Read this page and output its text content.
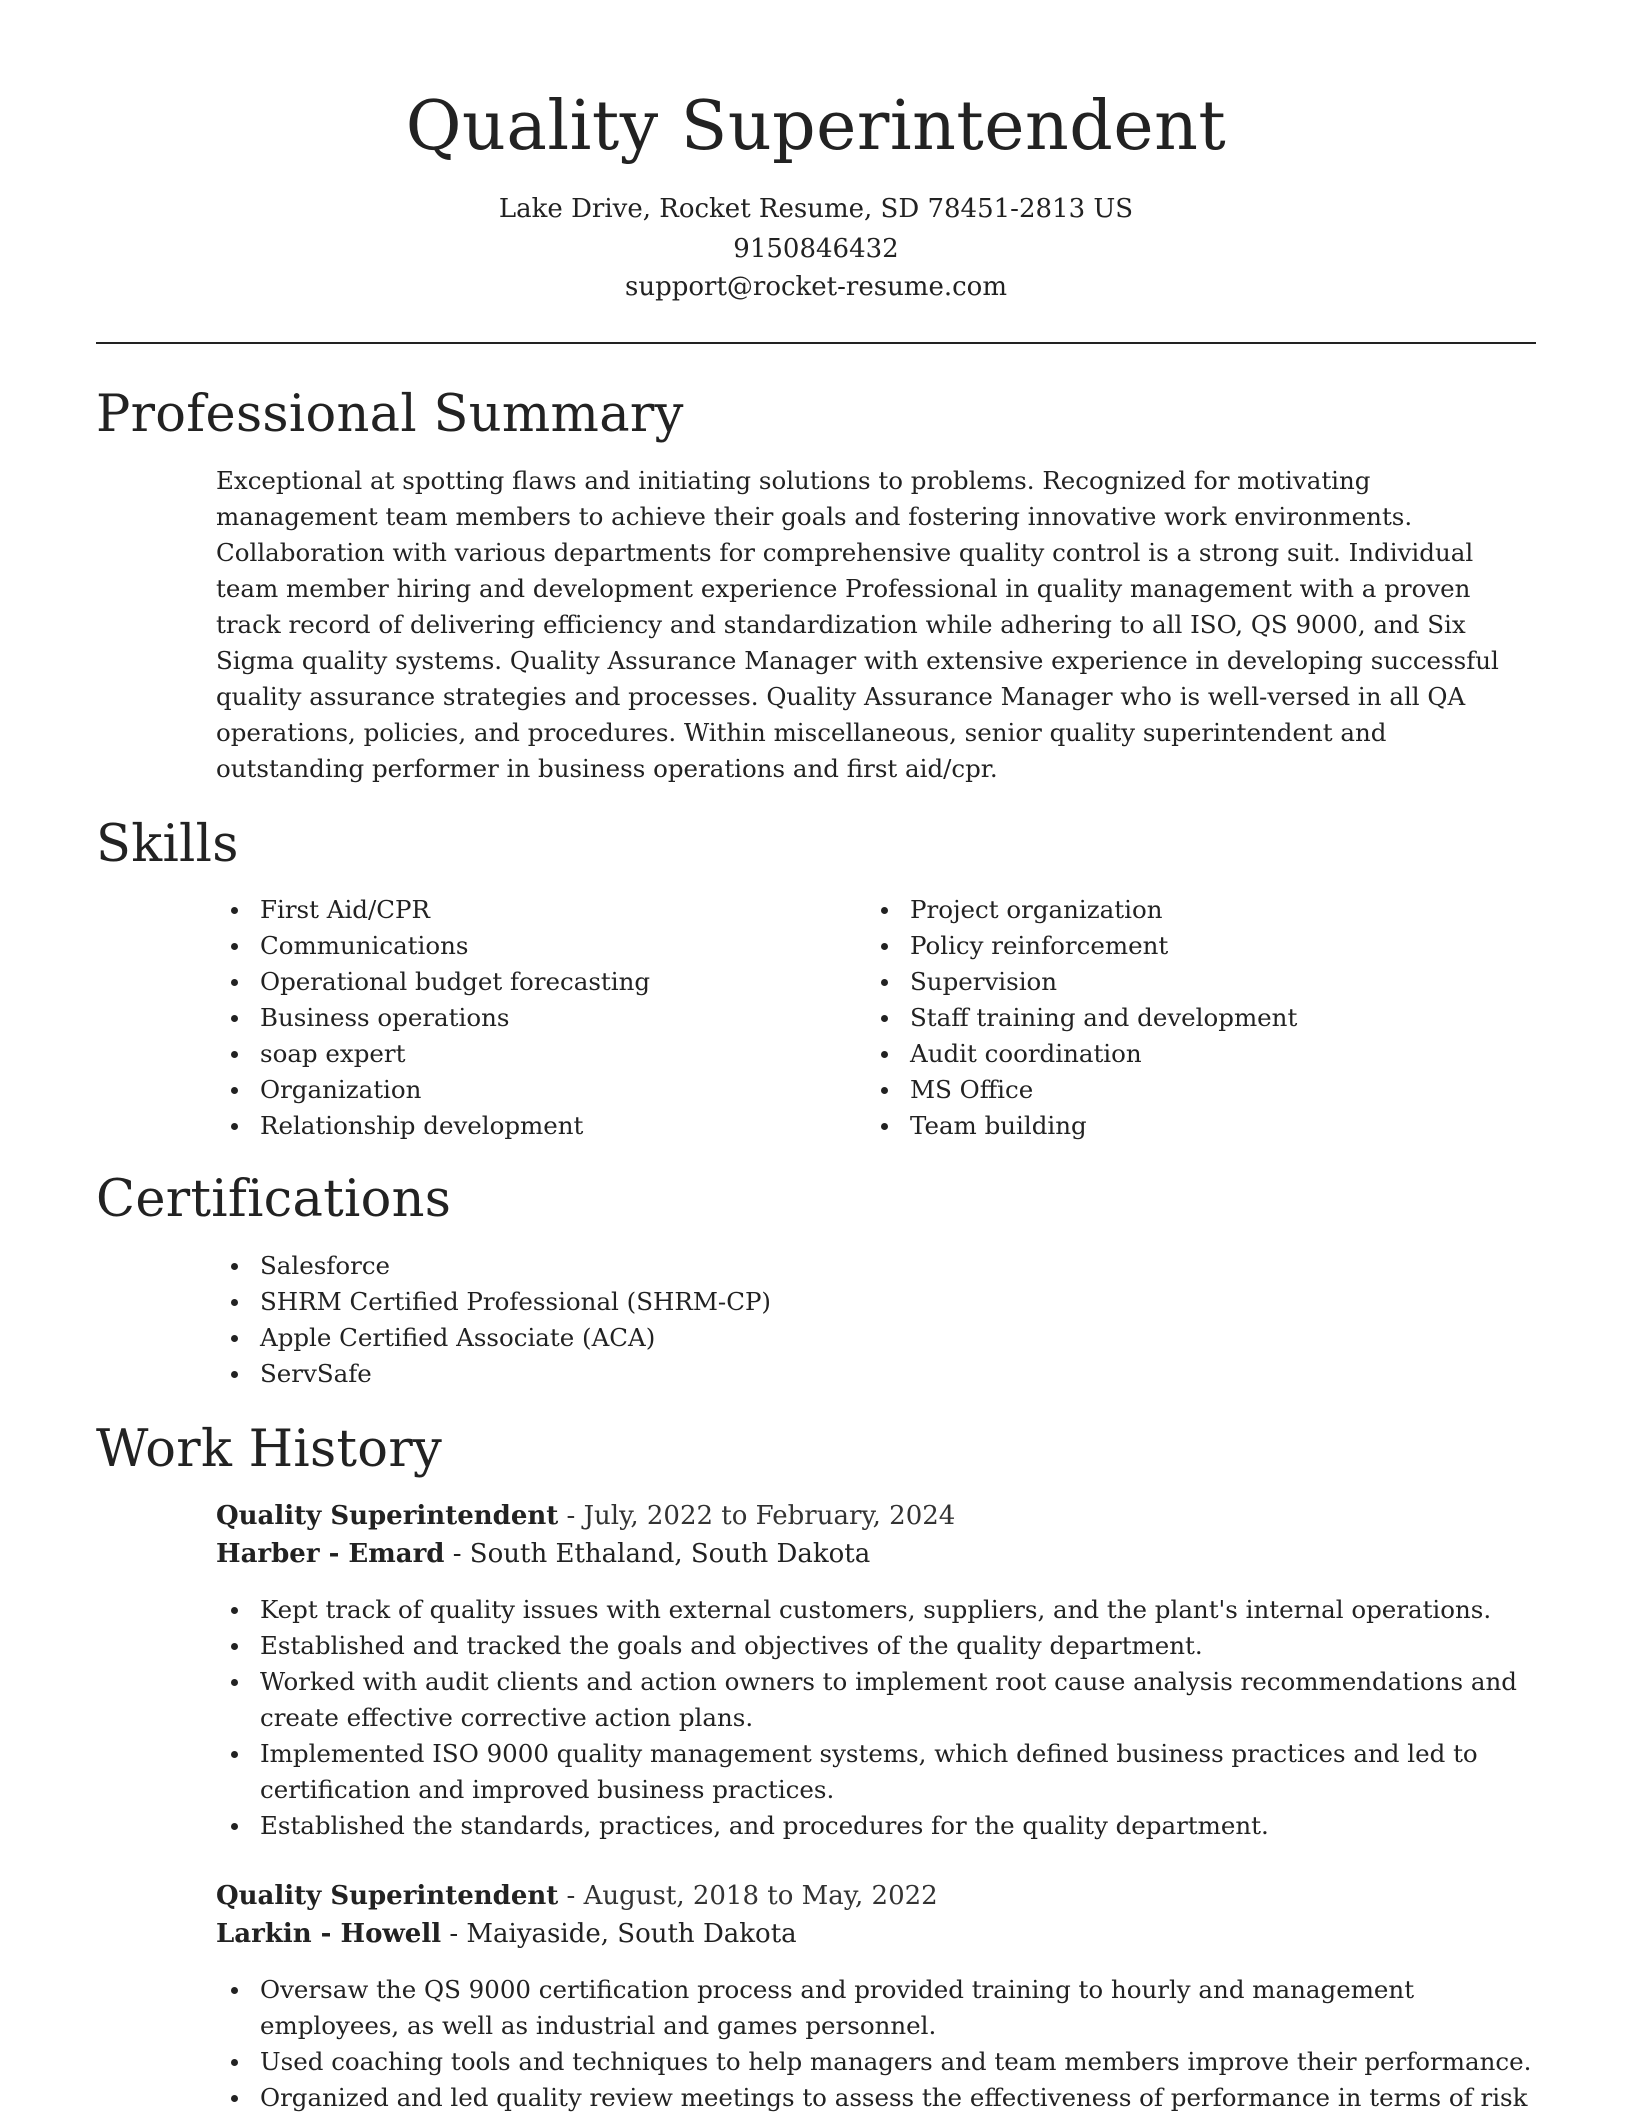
Quality Superintendent
Lake Drive, Rocket Resume, SD 78451-2813 US
9150846432
support@rocket-resume.com
Professional Summary

Exceptional at spotting flaws and initiating solutions to problems. Recognized for motivating management team members to achieve their goals and fostering innovative work environments. Collaboration with various departments for comprehensive quality control is a strong suit. Individual team member hiring and development experience Professional in quality management with a proven track record of delivering efficiency and standardization while adhering to all ISO, QS 9000, and Six Sigma quality systems. Quality Assurance Manager with extensive experience in developing successful quality assurance strategies and processes. Quality Assurance Manager who is well-versed in all QA operations, policies, and procedures. Within miscellaneous, senior quality superintendent and outstanding performer in business operations and first aid/cpr.

Skills
First Aid/CPR
Communications
Operational budget forecasting
Business operations
soap expert
Organization
Relationship development
Project organization
Policy reinforcement
Supervision
Staff training and development
Audit coordination
MS Office
Team building
Certifications
Salesforce
SHRM Certified Professional (SHRM-CP)
Apple Certified Associate (ACA)
ServSafe
Work History
Quality Superintendent - July, 2022 to February, 2024
Harber - Emard - South Ethaland, South Dakota
Kept track of quality issues with external customers, suppliers, and the plant's internal operations.
Established and tracked the goals and objectives of the quality department.
Worked with audit clients and action owners to implement root cause analysis recommendations and create effective corrective action plans.
Implemented ISO 9000 quality management systems, which defined business practices and led to certification and improved business practices.
Established the standards, practices, and procedures for the quality department.
Quality Superintendent - August, 2018 to May, 2022
Larkin - Howell - Maiyaside, South Dakota
Oversaw the QS 9000 certification process and provided training to hourly and management employees, as well as industrial and games personnel.
Used coaching tools and techniques to help managers and team members improve their performance.
Organized and led quality review meetings to assess the effectiveness of performance in terms of risk
